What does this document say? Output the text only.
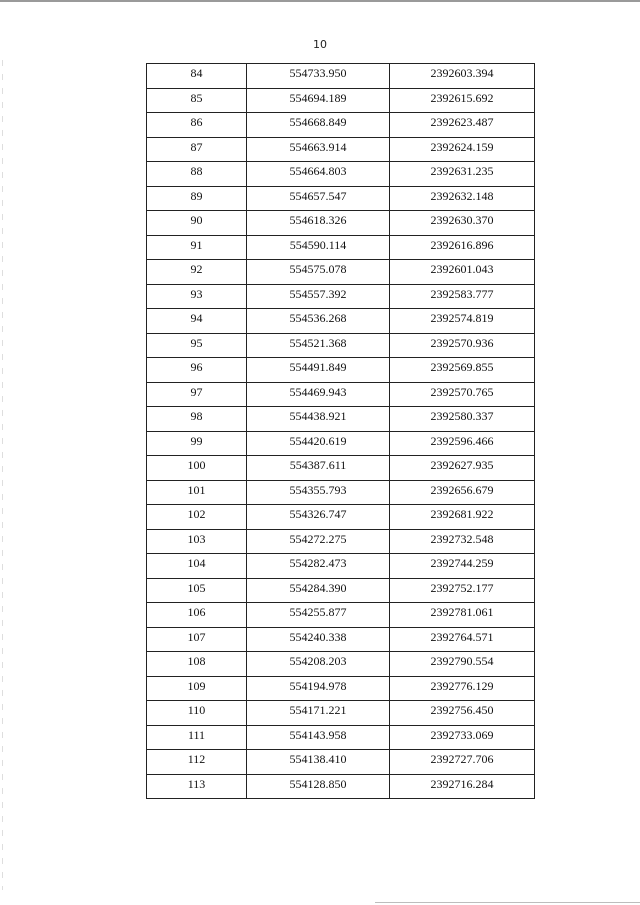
10
84	554733.950	2392603.394
85	554694.189	2392615.692
86	554668.849	2392623.487
87	554663.914	2392624.159
88	554664.803	2392631.235
89	554657.547	2392632.148
90	554618.326	2392630.370
91	554590.114	2392616.896
92	554575.078	2392601.043
93	554557.392	2392583.777
94	554536.268	2392574.819
95	554521.368	2392570.936
96	554491.849	2392569.855
97	554469.943	2392570.765
98	554438.921	2392580.337
99	554420.619	2392596.466
100	554387.611	2392627.935
101	554355.793	2392656.679
102	554326.747	2392681.922
103	554272.275	2392732.548
104	554282.473	2392744.259
105	554284.390	2392752.177
106	554255.877	2392781.061
107	554240.338	2392764.571
108	554208.203	2392790.554
109	554194.978	2392776.129
110	554171.221	2392756.450
111	554143.958	2392733.069
112	554138.410	2392727.706
113	554128.850	2392716.284
